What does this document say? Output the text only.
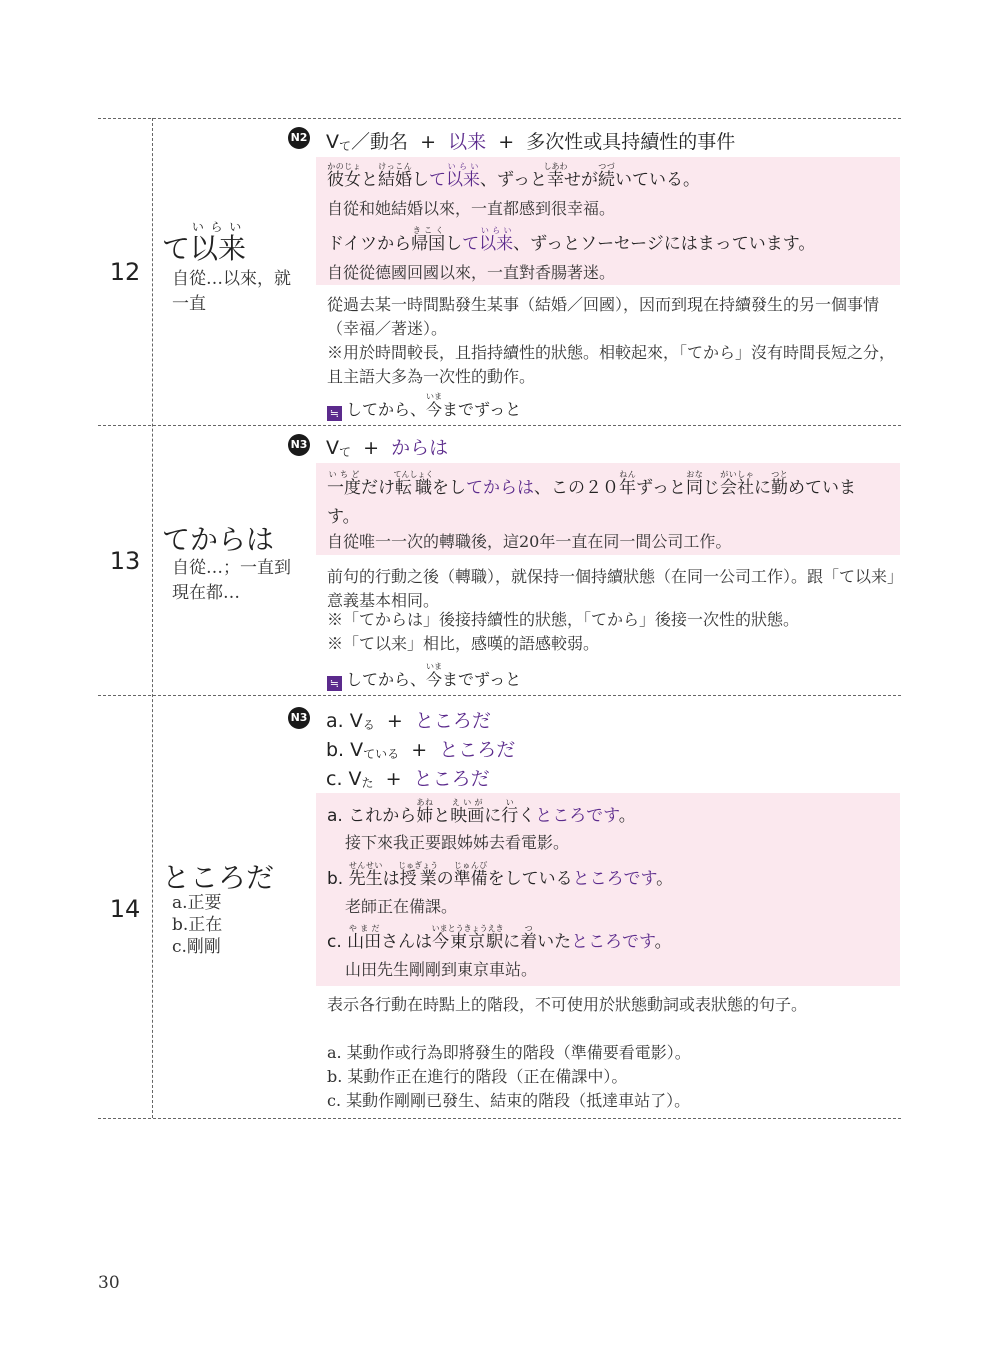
12
て以来いらい
自從…以來，就
一直
N2 $V_て/$動名 + 以来 + 多次性或具持續性的事件
彼女かのじょと結婚けっこんして以来いらい、ずっと幸しあわせが続つづいている。
自從和她結婚以來，一直都感到很幸福。
ドイツから帰国きこくして以来いらい、ずっとソーセージにはまっています。
自從從德國回國以來，一直對香腸著迷。
從過去某一時間點發生某事（結婚／回國），因而到現在持續發生的另一個事情（幸福／著迷）。
※用於時間較長，且指持續性的狀態。相較起來，「てから」沒有時間長短之分，且主語大多為一次性的動作。
≒ してから、今いままでずっと
13
てからは
自從…；一直到
現在都…
N3 $V_て$ + からは
一度いちどだけ転職てんしょくをしてからは、この２０年ねんずっと同おなじ会社がいしゃに勤つとめていま
す。
自從唯一一次的轉職後，這20年一直在同一間公司工作。
前句的行動之後（轉職），就保持一個持續狀態（在同一公司工作）。跟「て以来」意義基本相同。
※「てからは」後接持續性的狀態，「てから」後接一次性的狀態。
※「て以来」相比，感嘆的語感較弱。
≒ してから、今いままでずっと
14
ところだ
a.正要
b.正在
c.剛剛
N3 a. $V_る$ + ところだ
b. $V_{ている}$ + ところだ
c. $V_た$ + ところだ
a. これから姉あねと映画えいがに行いくところです。
接下來我正要跟姊姊去看電影。
b. 先生せんせいは授業じゅぎょうの準備じゅんびをしているところです。
老師正在備課。
c. 山田やまださんは今東京駅いまとうきょうえきに着ついたところです。
山田先生剛剛到東京車站。
表示各行動在時點上的階段，不可使用於狀態動詞或表狀態的句子。
a. 某動作或行為即將發生的階段（準備要看電影）。
b. 某動作正在進行的階段（正在備課中）。
c. 某動作剛剛已發生、結束的階段（抵達車站了）。
30
